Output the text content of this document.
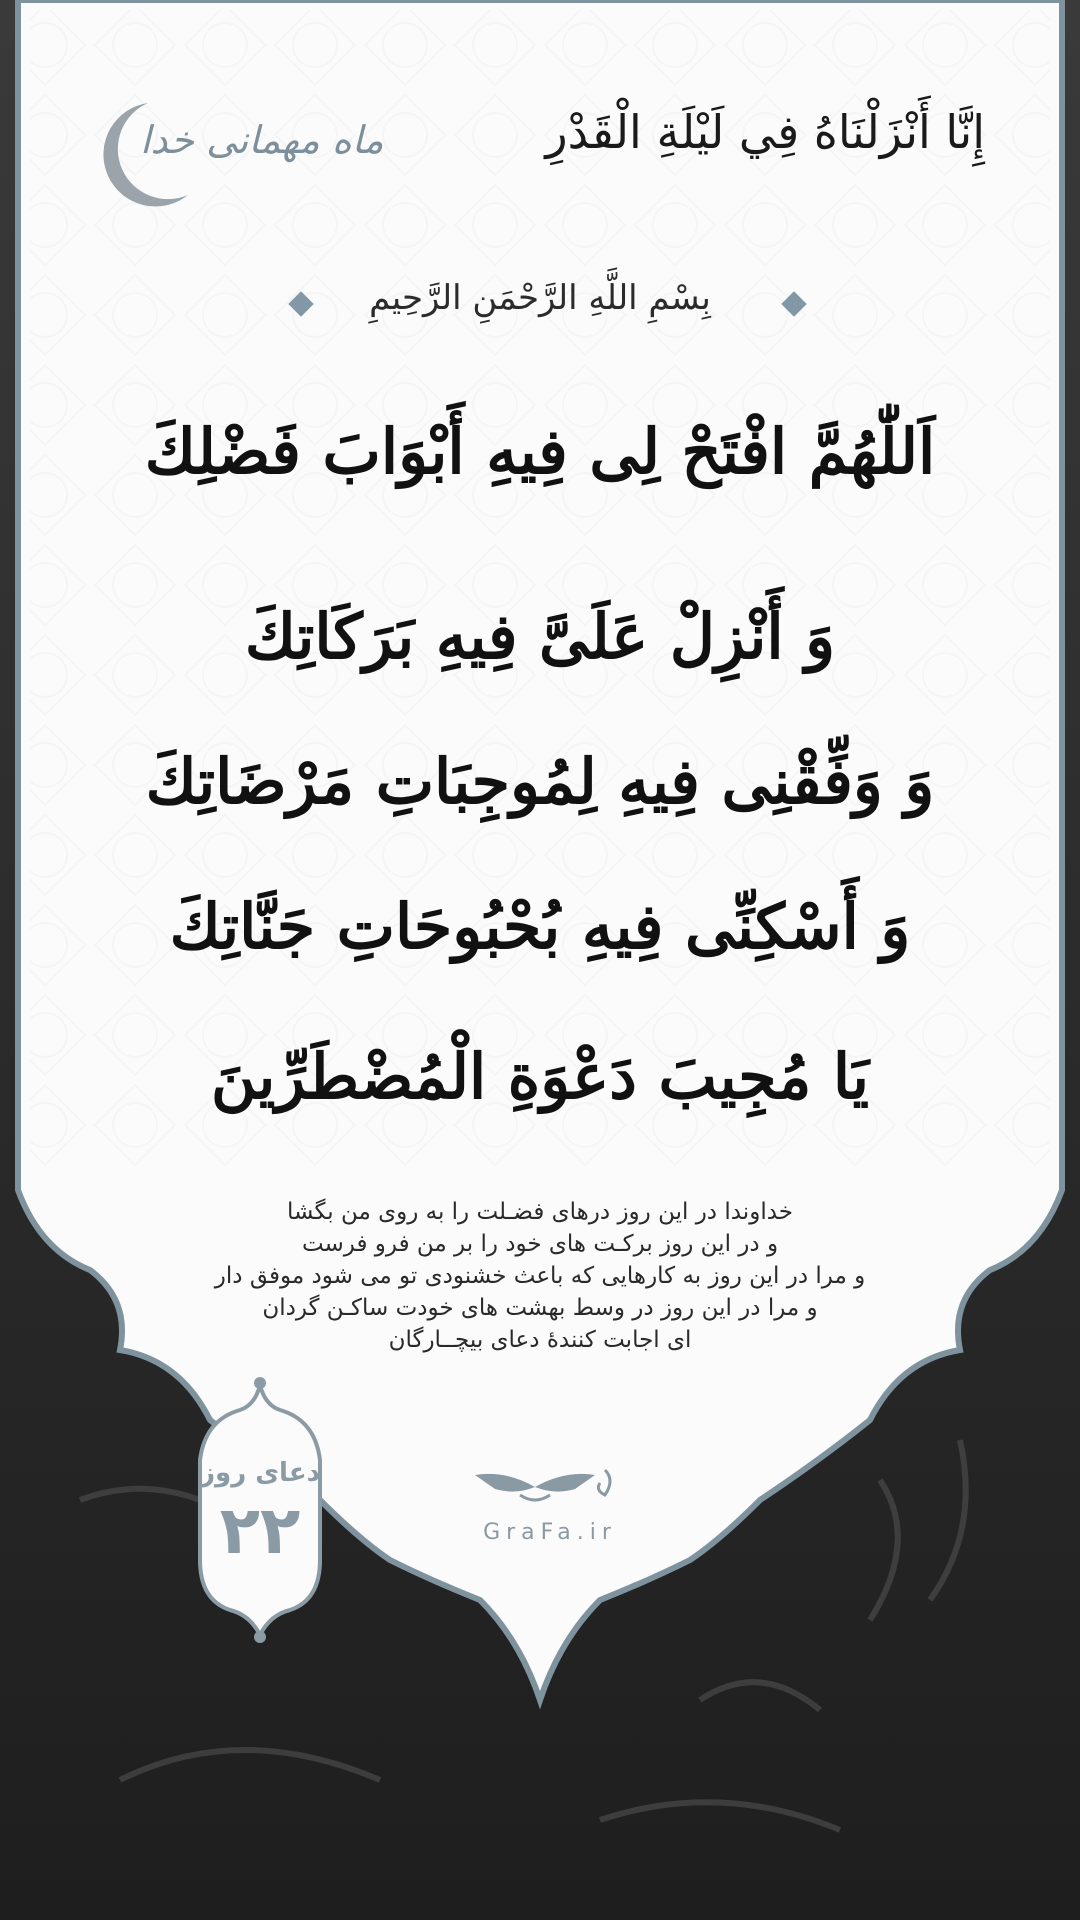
ماه مهمانی خدا	إِنَّا أَنْزَلْنَاهُ فِي لَيْلَةِ الْقَدْرِ
بِسْمِ اللَّهِ الرَّحْمَنِ الرَّحِيمِ
اَللّٰهُمَّ افْتَحْ لِی فِیهِ أَبْوَابَ فَضْلِكَ
وَ أَنْزِلْ عَلَیَّ فِیهِ بَرَكَاتِكَ
وَ وَفِّقْنِی فِیهِ لِمُوجِبَاتِ مَرْضَاتِكَ
وَ أَسْكِنِّی فِیهِ بُحْبُوحَاتِ جَنَّاتِكَ
یَا مُجِیبَ دَعْوَةِ الْمُضْطَرِّینَ
خداوندا در این روز درهای فضـلت را به روی من بگشا
و در این روز برکـت های خود را بر من فرو فرست
و مرا در این روز به کارهایی که باعث خشنودی تو می شود موفق دار
و مرا در این روز در وسط بهشت های خودت ساکـن گردان
ای اجابت کنندهٔ دعای بیچــارگان
دعای روز
۲۲	GraFa.ir
